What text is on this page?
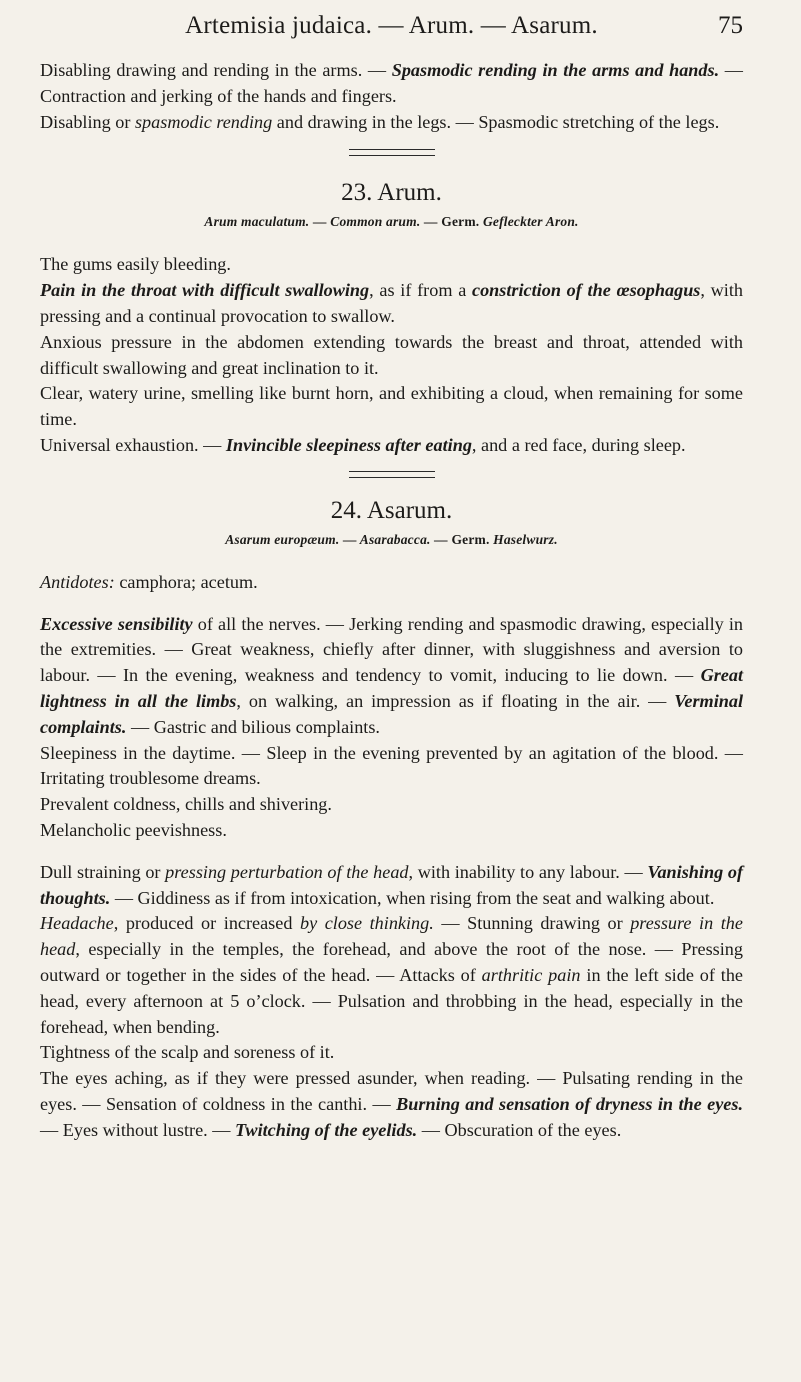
Artemisia judaica. — Arum. — Asarum.	75

Disabling drawing and rending in the arms. — Spasmodic rending in the arms and hands. — Contraction and jerking of the hands and fingers.

Disabling or spasmodic rending and drawing in the legs. — Spasmodic stretching of the legs.

23. Arum.
Arum maculatum. — Common arum. — Germ. Gefleckter Aron.

The gums easily bleeding.

Pain in the throat with difficult swallowing, as if from a constriction of the œsophagus, with pressing and a continual provocation to swallow.

Anxious pressure in the abdomen extending towards the breast and throat, attended with difficult swallowing and great inclination to it.

Clear, watery urine, smelling like burnt horn, and exhibiting a cloud, when remaining for some time.

Universal exhaustion. — Invincible sleepiness after eating, and a red face, during sleep.

24. Asarum.
Asarum europæum. — Asarabacca. — Germ. Haselwurz.

Antidotes: camphora; acetum.

Excessive sensibility of all the nerves. — Jerking rending and spasmodic drawing, especially in the extremities. — Great weakness, chiefly after dinner, with sluggishness and aversion to labour. — In the evening, weakness and tendency to vomit, inducing to lie down. — Great lightness in all the limbs, on walking, an impression as if floating in the air. — Verminal complaints. — Gastric and bilious complaints.

Sleepiness in the daytime. — Sleep in the evening prevented by an agitation of the blood. — Irritating troublesome dreams.

Prevalent coldness, chills and shivering.

Melancholic peevishness.

Dull straining or pressing perturbation of the head, with inability to any labour. — Vanishing of thoughts. — Giddiness as if from intoxication, when rising from the seat and walking about.

Headache, produced or increased by close thinking. — Stunning drawing or pressure in the head, especially in the temples, the forehead, and above the root of the nose. — Pressing outward or together in the sides of the head. — Attacks of arthritic pain in the left side of the head, every afternoon at 5 o’clock. — Pulsation and throbbing in the head, especially in the forehead, when bending.

Tightness of the scalp and soreness of it.

The eyes aching, as if they were pressed asunder, when reading. — Pulsating rending in the eyes. — Sensation of coldness in the canthi. — Burning and sensation of dryness in the eyes. — Eyes without lustre. — Twitching of the eyelids. — Obscuration of the eyes.
